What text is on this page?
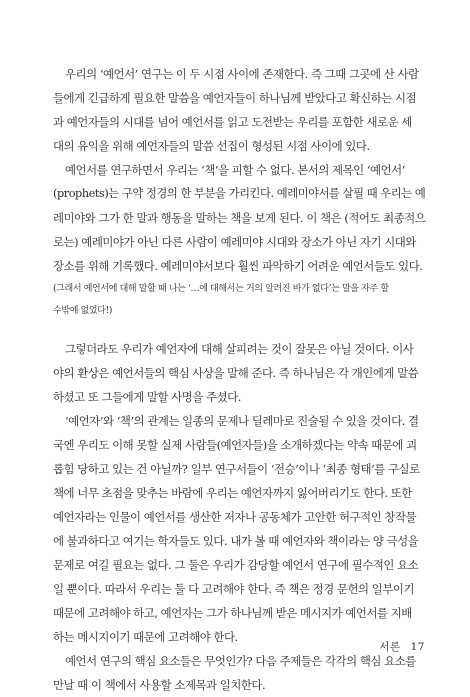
우리의 ‘예언서’ 연구는 이 두 시점 사이에 존재한다. 즉 그때 그곳에 산 사람
들에게 긴급하게 필요한 말씀을 예언자들이 하나님께 받았다고 확신하는 시점
과 예언자들의 시대를 넘어 예언서를 읽고 도전받는 우리를 포함한 새로운 세
대의 유익을 위해 예언자들의 말씀 선집이 형성된 시점 사이에 있다.

예언서를 연구하면서 우리는 ‘책’을 피할 수 없다. 본서의 제목인 ‘예언서’
(prophets)는 구약 정경의 한 부분을 가리킨다. 예레미야서를 살필 때 우리는 예
레미야와 그가 한 말과 행동을 말하는 책을 보게 된다. 이 책은 (적어도 최종적으
로는) 예레미야가 아닌 다른 사람이 예레미야 시대와 장소가 아닌 자기 시대와
장소를 위해 기록했다. 예레미야서보다 훨씬 파악하기 어려운 예언서들도 있다.

(그래서 예언서에 대해 말할 때 나는 ‘…에 대해서는 거의 알려진 바가 없다’는 말을 자주 할
수밖에 없었다!)

그렇더라도 우리가 예언자에 대해 살피려는 것이 잘못은 아닐 것이다. 이사
야의 환상은 예언서들의 핵심 사상을 말해 준다. 즉 하나님은 각 개인에게 말씀
하셨고 또 그들에게 말할 사명을 주셨다.

‘예언자’와 ‘책’의 관계는 일종의 문제나 딜레마로 진술될 수 있을 것이다. 결
국엔 우리도 이해 못할 실제 사람들(예언자들)을 소개하겠다는 약속 때문에 괴
롭힘 당하고 있는 건 아닐까? 일부 연구서들이 ‘전승’이나 ‘최종 형태’를 구실로
책에 너무 초점을 맞추는 바람에 우리는 예언자까지 잃어버리기도 한다. 또한
예언자라는 인물이 예언서를 생산한 저자나 공동체가 고안한 허구적인 창작물
에 불과하다고 여기는 학자들도 있다. 내가 볼 때 예언자와 책이라는 양 극성을
문제로 여길 필요는 없다. 그 둘은 우리가 감당할 예언서 연구에 필수적인 요소
일 뿐이다. 따라서 우리는 둘 다 고려해야 한다. 즉 책은 정경 문헌의 일부이기
때문에 고려해야 하고, 예언자는 그가 하나님께 받은 메시지가 예언서를 지배
하는 메시지이기 때문에 고려해야 한다.

예언서 연구의 핵심 요소들은 무엇인가? 다음 주제들은 각각의 핵심 요소를
만날 때 이 책에서 사용할 소제목과 일치한다.

서론 17
